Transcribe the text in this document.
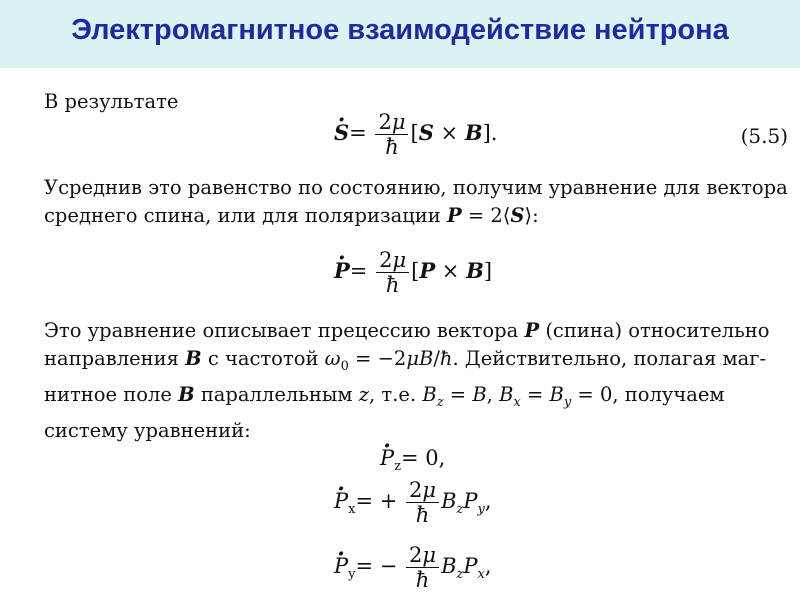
Электромагнитное взаимодействие нейтрона
В результате
· $S= \frac{2\mu}{ħ} [S \times B]$.	(5.5)
Усреднив это равенство по состоянию, получим уравнение для вектора
среднего спина, или для поляризации P = 2⟨S⟩:
· $P= \frac{2\mu}{ħ} [P \times B]$
Это уравнение описывает прецессию вектора P (спина) относительно
направления B с частотой $\omega_0$ = −2μB/ħ. Действительно, полагая маг-
нитное поле B параллельным z, т.е. $B_z = B$, $B_x = B_y = 0$, получаем
систему уравнений:
· $P_z= 0$,
· $P_x= + \frac{2\mu}{ħ} B_zP_y$,
· $P_y= - \frac{2\mu}{ħ} B_zP_x$,
